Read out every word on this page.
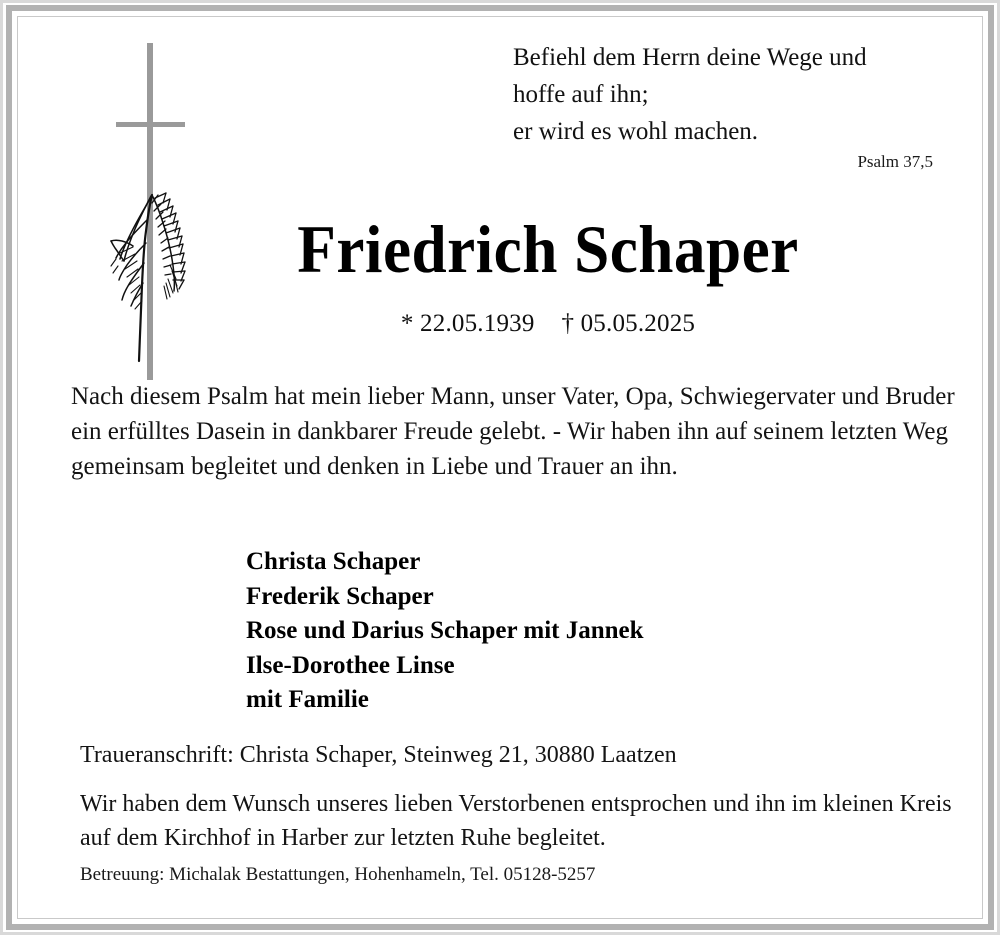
Befiehl dem Herrn deine Wege und
hoffe auf ihn;
er wird es wohl machen.
Psalm 37,5
Friedrich Schaper
* 22.05.1939 † 05.05.2025
Nach diesem Psalm hat mein lieber Mann, unser Vater, Opa, Schwiegervater und Bruder ein erfülltes Dasein in dankbarer Freude gelebt. - Wir haben ihn auf seinem letzten Weg gemeinsam begleitet und denken in Liebe und Trauer an ihn.
Christa Schaper
Frederik Schaper
Rose und Darius Schaper mit Jannek
Ilse-Dorothee Linse
mit Familie
Traueranschrift: Christa Schaper, Steinweg 21, 30880 Laatzen
Wir haben dem Wunsch unseres lieben Verstorbenen entsprochen und ihn im kleinen Kreis auf dem Kirchhof in Harber zur letzten Ruhe begleitet.
Betreuung: Michalak Bestattungen, Hohenhameln, Tel. 05128-5257
